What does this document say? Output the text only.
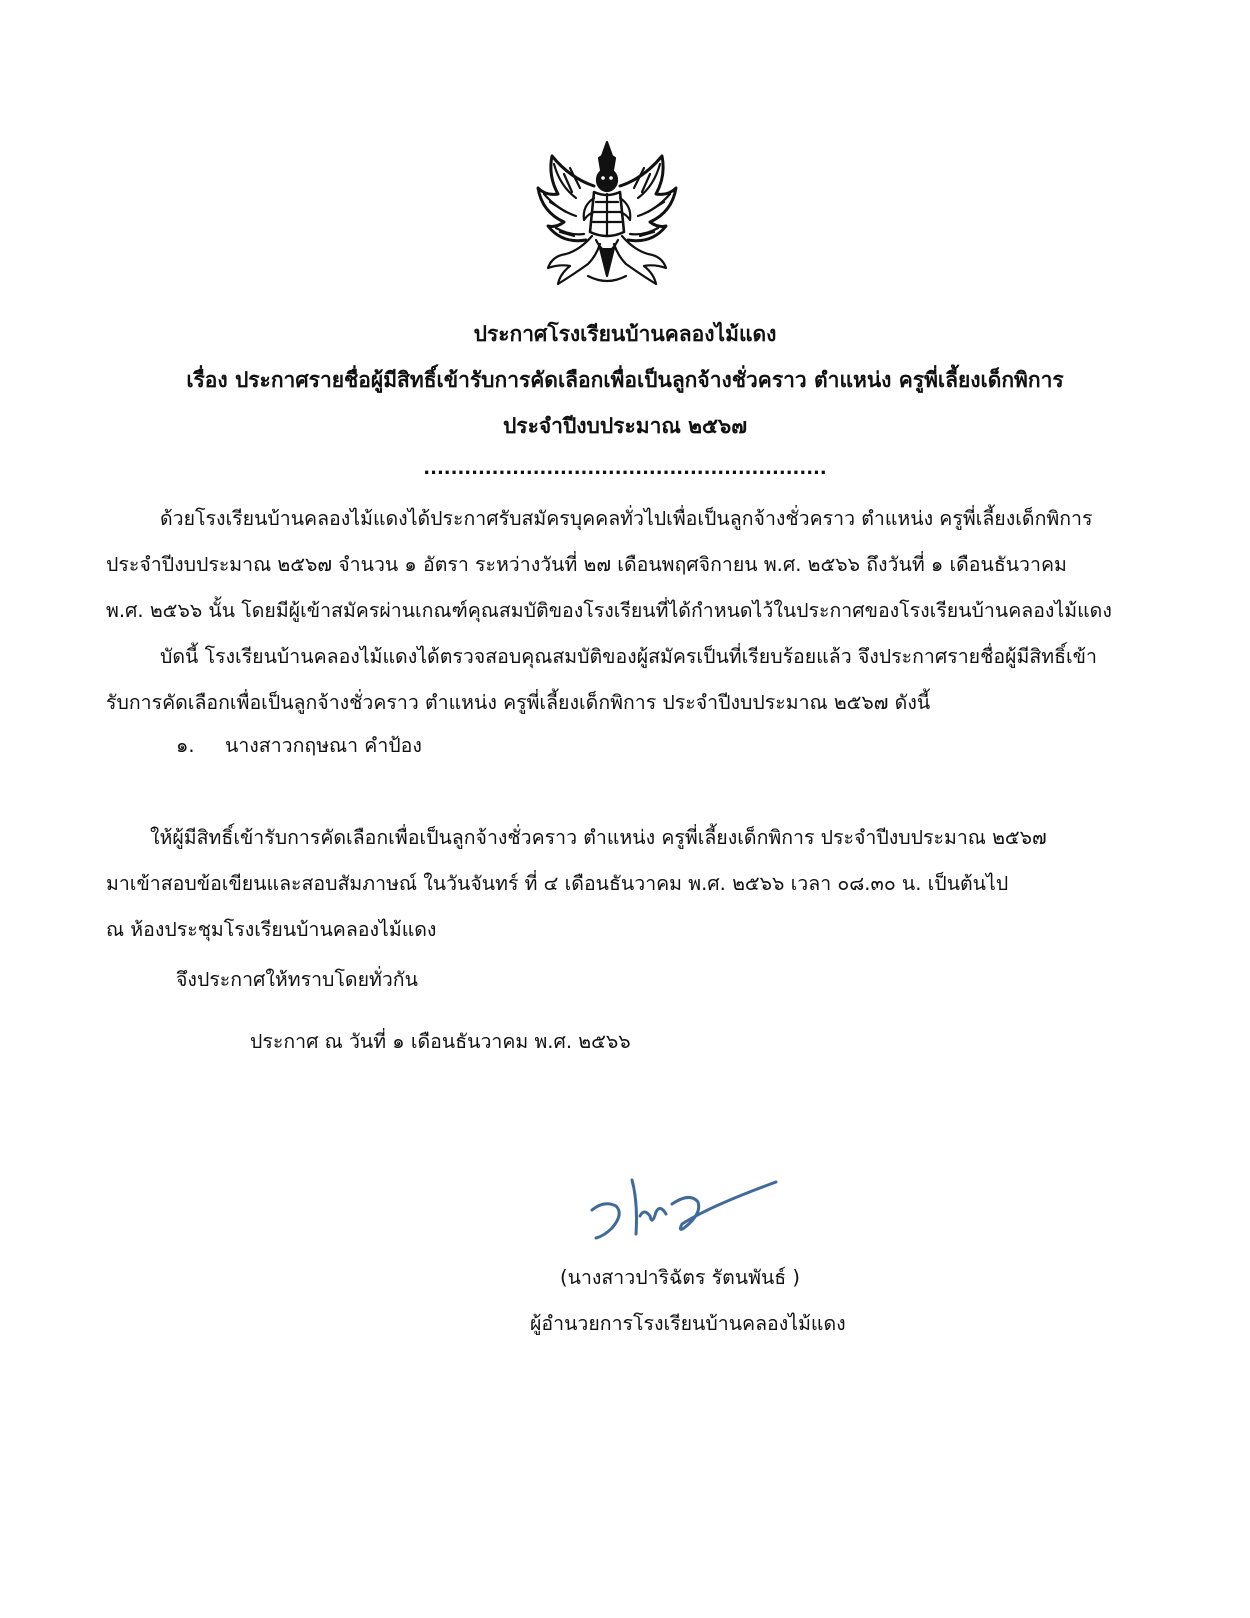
ประกาศโรงเรียนบ้านคลองไม้แดง
เรื่อง ประกาศรายชื่อผู้มีสิทธิ์เข้ารับการคัดเลือกเพื่อเป็นลูกจ้างชั่วคราว ตำแหน่ง ครูพี่เลี้ยงเด็กพิการ
ประจำปีงบประมาณ ๒๕๖๗
...........................................................
ด้วยโรงเรียนบ้านคลองไม้แดงได้ประกาศรับสมัครบุคคลทั่วไปเพื่อเป็นลูกจ้างชั่วคราว ตำแหน่ง ครูพี่เลี้ยงเด็กพิการ
ประจำปีงบประมาณ ๒๕๖๗ จำนวน ๑ อัตรา ระหว่างวันที่ ๒๗ เดือนพฤศจิกายน พ.ศ. ๒๕๖๖ ถึงวันที่ ๑ เดือนธันวาคม
พ.ศ. ๒๕๖๖ นั้น โดยมีผู้เข้าสมัครผ่านเกณฑ์คุณสมบัติของโรงเรียนที่ได้กำหนดไว้ในประกาศของโรงเรียนบ้านคลองไม้แดง
บัดนี้ โรงเรียนบ้านคลองไม้แดงได้ตรวจสอบคุณสมบัติของผู้สมัครเป็นที่เรียบร้อยแล้ว จึงประกาศรายชื่อผู้มีสิทธิ์เข้า
รับการคัดเลือกเพื่อเป็นลูกจ้างชั่วคราว ตำแหน่ง ครูพี่เลี้ยงเด็กพิการ ประจำปีงบประมาณ ๒๕๖๗ ดังนี้
๑. นางสาวกฤษณา คำป้อง
ให้ผู้มีสิทธิ์เข้ารับการคัดเลือกเพื่อเป็นลูกจ้างชั่วคราว ตำแหน่ง ครูพี่เลี้ยงเด็กพิการ ประจำปีงบประมาณ ๒๕๖๗
มาเข้าสอบข้อเขียนและสอบสัมภาษณ์ ในวันจันทร์ ที่ ๔ เดือนธันวาคม พ.ศ. ๒๕๖๖ เวลา ๐๘.๓๐ น. เป็นต้นไป
ณ ห้องประชุมโรงเรียนบ้านคลองไม้แดง
จึงประกาศให้ทราบโดยทั่วกัน
ประกาศ ณ วันที่ ๑ เดือนธันวาคม พ.ศ. ๒๕๖๖
(นางสาวปาริฉัตร รัตนพันธ์ )
ผู้อำนวยการโรงเรียนบ้านคลองไม้แดง
